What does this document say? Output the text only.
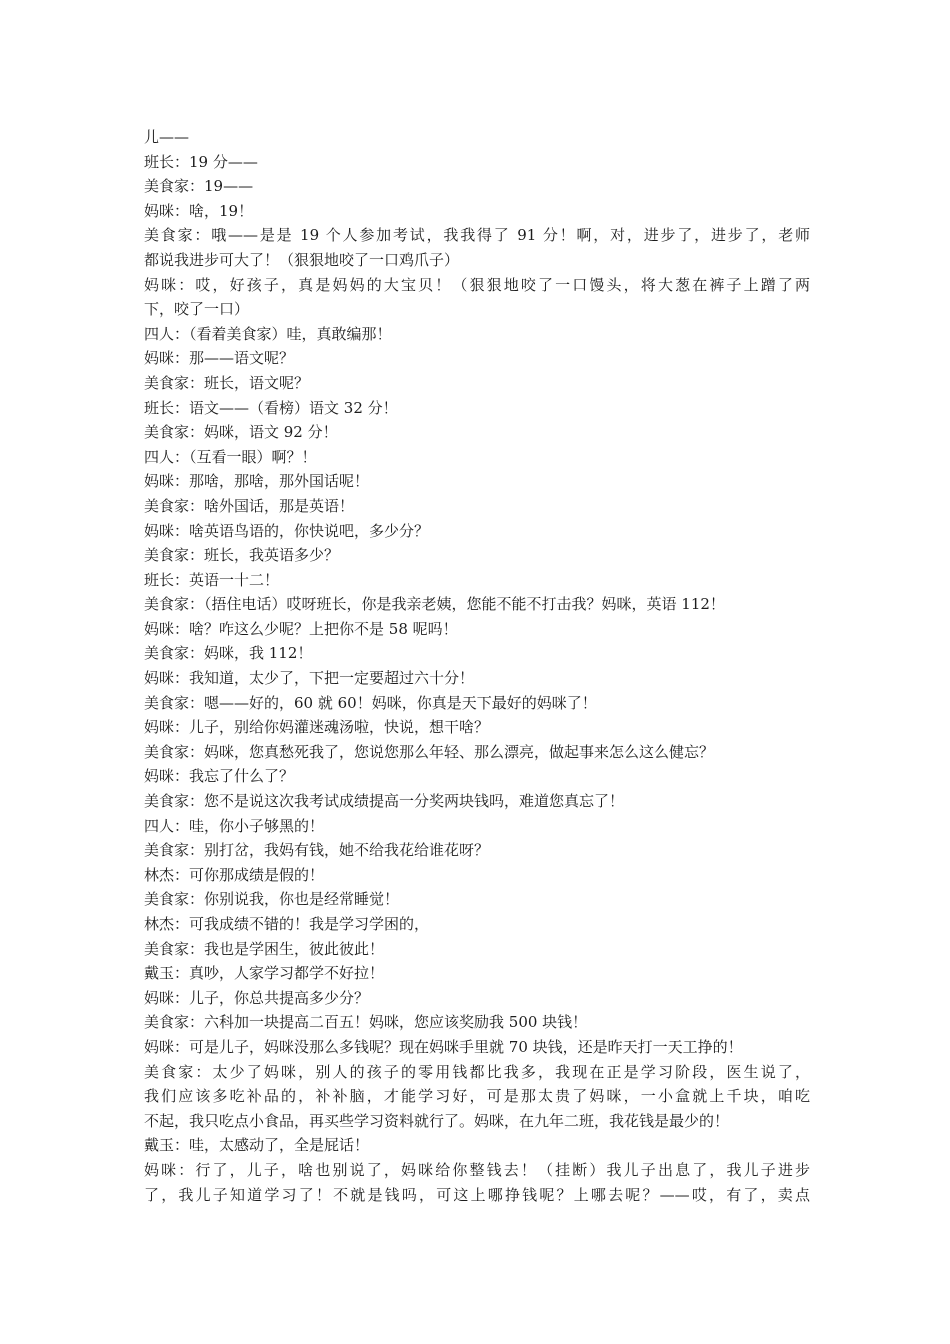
儿——
班长：19 分——
美食家：19——
妈咪：啥，19！
美食家：哦——是是 19 个人参加考试，我我得了 91 分！啊，对，进步了，进步了，老师
都说我进步可大了！（狠狠地咬了一口鸡爪子）
妈咪：哎，好孩子，真是妈妈的大宝贝！（狠狠地咬了一口馒头，将大葱在裤子上蹭了两
下，咬了一口）
四人：（看着美食家）哇，真敢编那！
妈咪：那——语文呢？
美食家：班长，语文呢？
班长：语文——（看榜）语文 32 分！
美食家：妈咪，语文 92 分！
四人：（互看一眼）啊？！
妈咪：那啥，那啥，那外国话呢！
美食家：啥外国话，那是英语！
妈咪：啥英语鸟语的，你快说吧，多少分？
美食家：班长，我英语多少？
班长：英语一十二！
美食家：（捂住电话）哎呀班长，你是我亲老姨，您能不能不打击我？妈咪，英语 112！
妈咪：啥？咋这么少呢？上把你不是 58 呢吗！
美食家：妈咪，我 112！
妈咪：我知道，太少了，下把一定要超过六十分！
美食家：嗯——好的，60 就 60！妈咪，你真是天下最好的妈咪了！
妈咪：儿子，别给你妈灌迷魂汤啦，快说，想干啥？
美食家：妈咪，您真愁死我了，您说您那么年轻、那么漂亮，做起事来怎么这么健忘？
妈咪：我忘了什么了？
美食家：您不是说这次我考试成绩提高一分奖两块钱吗，难道您真忘了！
四人：哇，你小子够黑的！
美食家：别打岔，我妈有钱，她不给我花给谁花呀？
林杰：可你那成绩是假的！
美食家：你别说我，你也是经常睡觉！
林杰：可我成绩不错的！我是学习学困的，
美食家：我也是学困生，彼此彼此！
戴玉：真吵，人家学习都学不好拉！
妈咪：儿子，你总共提高多少分？
美食家：六科加一块提高二百五！妈咪，您应该奖励我 500 块钱！
妈咪：可是儿子，妈咪没那么多钱呢？现在妈咪手里就 70 块钱，还是昨天打一天工挣的！
美食家：太少了妈咪，别人的孩子的零用钱都比我多，我现在正是学习阶段，医生说了，
我们应该多吃补品的，补补脑，才能学习好，可是那太贵了妈咪，一小盒就上千块，咱吃
不起，我只吃点小食品，再买些学习资料就行了。妈咪，在九年二班，我花钱是最少的！
戴玉：哇，太感动了，全是屁话！
妈咪：行了，儿子，啥也别说了，妈咪给你整钱去！（挂断）我儿子出息了，我儿子进步
了，我儿子知道学习了！不就是钱吗，可这上哪挣钱呢？上哪去呢？——哎，有了，卖点
